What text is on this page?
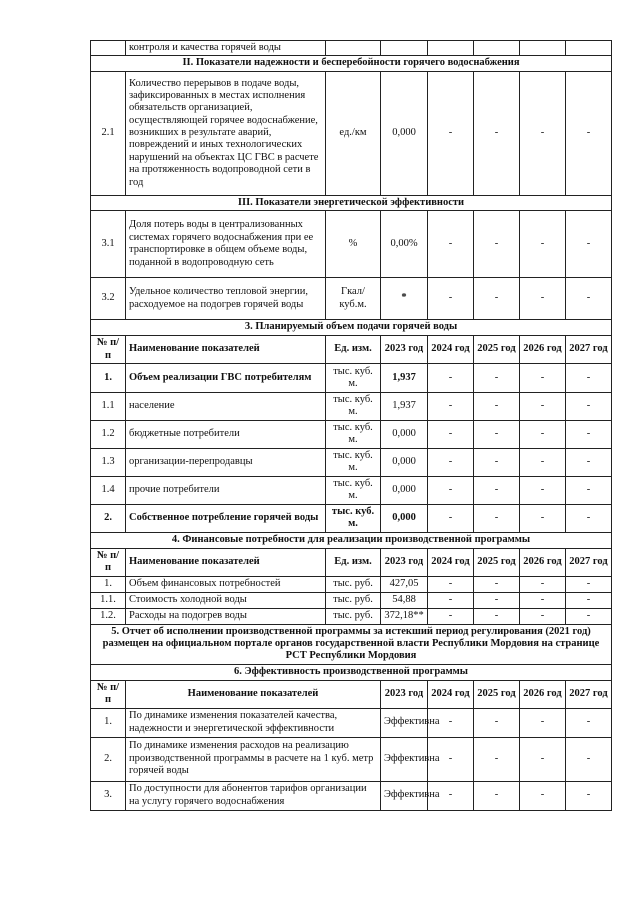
	контроля и качества горячей воды						
II. Показатели надежности и бесперебойности горячего водоснабжения							
2.1	Количество перерывов в подаче воды, зафиксированных в местах исполнения обязательств организацией, осуществляющей горячее водоснабжение, возникших в результате аварий, повреждений и иных технологических нарушений на объектах ЦС ГВС в расчете на протяженность водопроводной сети в год	ед./км	0,000	-	-	-	-
III. Показатели энергетической эффективности							
3.1	Доля потерь воды в централизованных системах горячего водоснабжения при ее транспортировке в общем объеме воды, поданной в водопроводную сеть	%	0,00%	-	-	-	-
3.2	Удельное количество тепловой энергии, расходуемое на подогрев горячей воды	Гкал/куб.м.	*	-	-	-	-
3. Планируемый объем подачи горячей воды							
№ п/п	Наименование показателей	Ед. изм.	2023 год	2024 год	2025 год	2026 год	2027 год
1.	Объем реализации ГВС потребителям	тыс. куб. м.	1,937	-	-	-	-
1.1	население	тыс. куб. м.	1,937	-	-	-	-
1.2	бюджетные потребители	тыс. куб. м.	0,000	-	-	-	-
1.3	организации-перепродавцы	тыс. куб. м.	0,000	-	-	-	-
1.4	прочие потребители	тыс. куб. м.	0,000	-	-	-	-
2.	Собственное потребление горячей воды	тыс. куб. м.	0,000	-	-	-	-
4. Финансовые потребности для реализации производственной программы							
№ п/п	Наименование показателей	Ед. изм.	2023 год	2024 год	2025 год	2026 год	2027 год
1.	Объем финансовых потребностей	тыс. руб.	427,05	-	-	-	-
1.1.	Стоимость холодной воды	тыс. руб.	54,88	-	-	-	-
1.2.	Расходы на подогрев воды	тыс. руб.	372,18**	-	-	-	-
5. Отчет об исполнении производственной программы за истекший период регулирования (2021 год) размещен на официальном портале органов государственной власти Республики Мордовия на странице РСТ Республики Мордовия							
6. Эффективность производственной программы							
№ п/п	Наименование показателей		2023 год	2024 год	2025 год	2026 год	2027 год
1.	По динамике изменения показателей качества, надежности и энергетической эффективности		Эффективна	-	-	-	-
2.	По динамике изменения расходов на реализацию производственной программы в расчете на 1 куб. метр горячей воды		Эффективна	-	-	-	-
3.	По доступности для абонентов тарифов организации на услугу горячего водоснабжения		Эффективна	-	-	-	-
